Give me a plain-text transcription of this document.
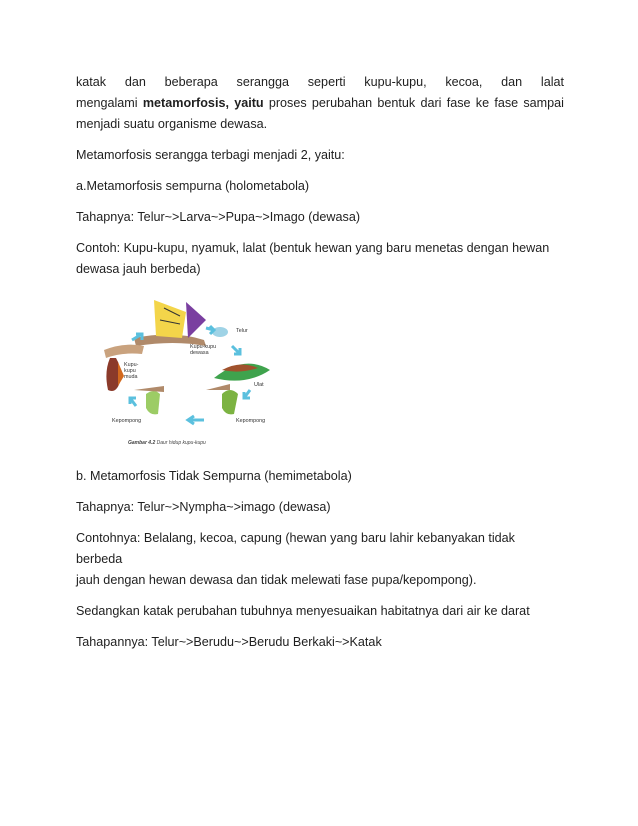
katak dan beberapa serangga seperti kupu-kupu, kecoa, dan lalat
mengalami metamorfosis, yaitu proses perubahan bentuk dari fase ke fase sampai
menjadi suatu organisme dewasa.

Metamorfosis serangga terbagi menjadi 2, yaitu:

a.Metamorfosis sempurna (holometabola)

Tahapnya: Telur~>Larva~>Pupa~>Imago (dewasa)

Contoh: Kupu-kupu, nyamuk, lalat (bentuk hewan yang baru menetas dengan hewan
dewasa jauh berbeda)

Telur
Kupu-kupu dewasa
Kupu-kupu muda
Ulat
Kepompong
Kepompong
Gambar 4.2 Daur hidup kupu-kupu

b. Metamorfosis Tidak Sempurna (hemimetabola)

Tahapnya: Telur~>Nympha~>imago (dewasa)

Contohnya: Belalang, kecoa, capung (hewan yang baru lahir kebanyakan tidak berbeda
jauh dengan hewan dewasa dan tidak melewati fase pupa/kepompong).

Sedangkan katak perubahan tubuhnya menyesuaikan habitatnya dari air ke darat

Tahapannya: Telur~>Berudu~>Berudu Berkaki~>Katak
